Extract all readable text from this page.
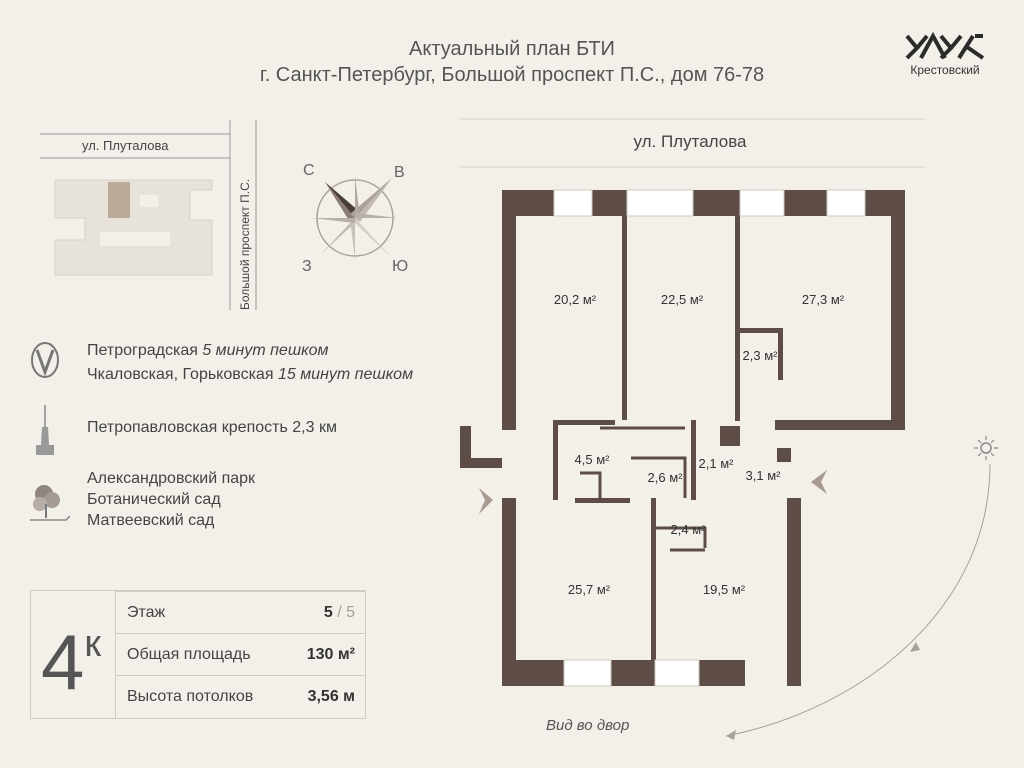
Актуальный план БТИ
г. Санкт-Петербург, Большой проспект П.С., дом 76-78	Крестовский
ул. Плуталова
Большой проспект П.С.
С	В
З	Ю
Петроградская 5 минут пешком
Чкаловская, Горьковская 15 минут пешком
Петропавловская крепость 2,3 км
Александровский парк
Ботанический сад
Матвеевский сад
$4^к$
Этаж	5 / 5
Общая площадь	130 м²
Высота потолков	3,56 м
20,2 м²	22,5 м²	27,3 м²
2,3 м²
4,5 м²
2,6 м²
2,1 м²
3,1 м²
2,4 м²
25,7 м²	19,5 м²
ул. Плуталова
Вид во двор
